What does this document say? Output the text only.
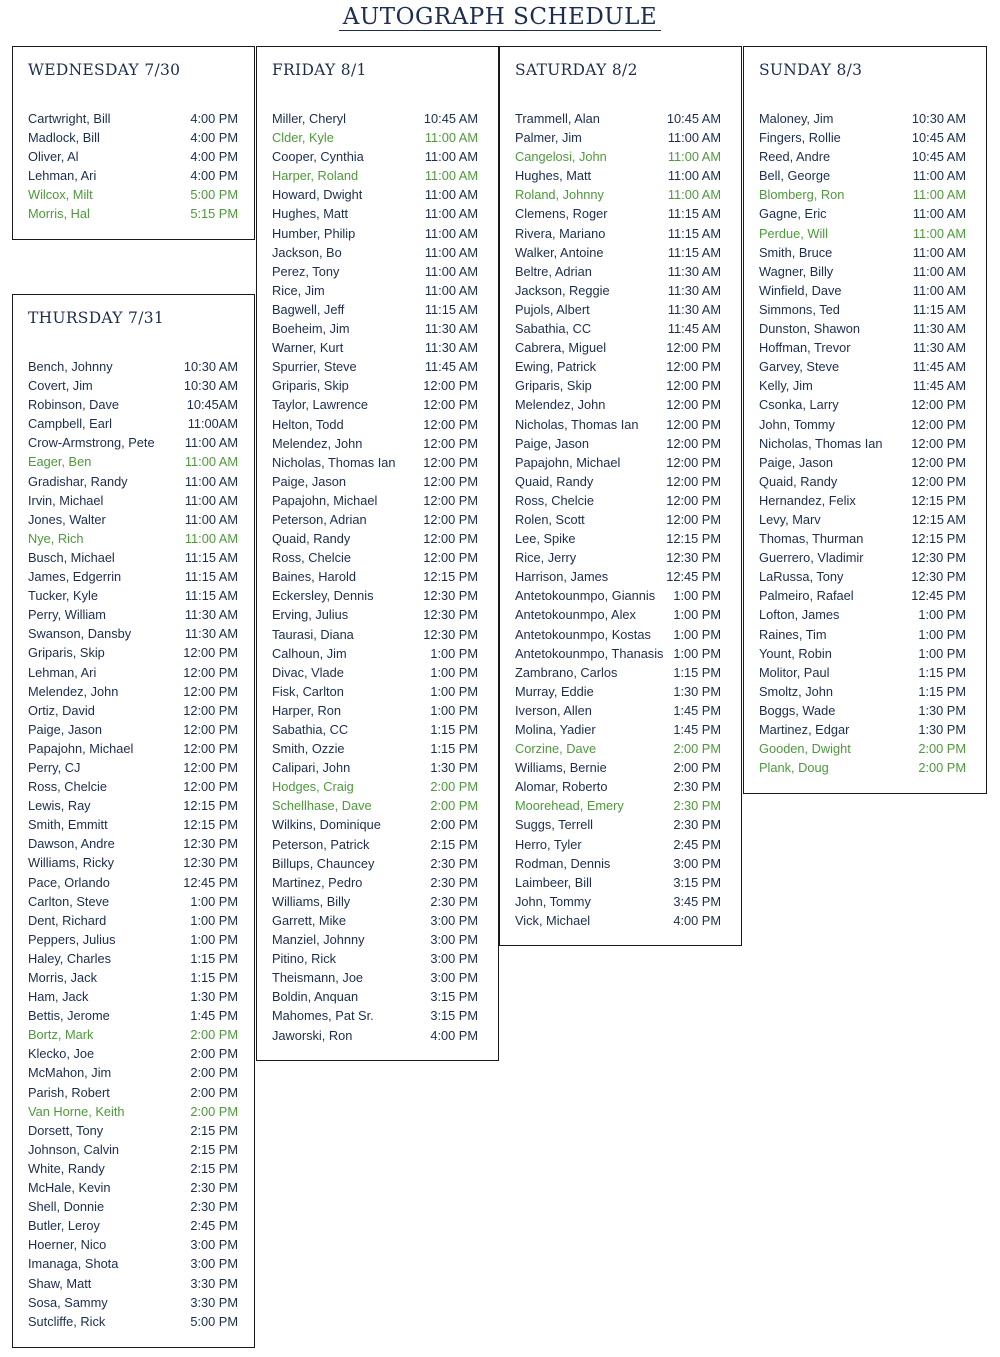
AUTOGRAPH SCHEDULE
WEDNESDAY 7/30
Cartwright, Bill	4:00 PM
Madlock, Bill	4:00 PM
Oliver, Al	4:00 PM
Lehman, Ari	4:00 PM
Wilcox, Milt	5:00 PM
Morris, Hal	5:15 PM
THURSDAY 7/31
Bench, Johnny	10:30 AM
Covert, Jim	10:30 AM
Robinson, Dave	10:45AM
Campbell, Earl	11:00AM
Crow-Armstrong, Pete 11:00 AM
Eager, Ben	11:00 AM
Gradishar, Randy	11:00 AM
Irvin, Michael	11:00 AM
Jones, Walter	11:00 AM
Nye, Rich	11:00 AM
Busch, Michael	11:15 AM
James, Edgerrin	11:15 AM
Tucker, Kyle	11:15 AM
Perry, William	11:30 AM
Swanson, Dansby	11:30 AM
Griparis, Skip	12:00 PM
Lehman, Ari	12:00 PM
Melendez, John	12:00 PM
Ortiz, David	12:00 PM
Paige, Jason	12:00 PM
Papajohn, Michael	12:00 PM
Perry, CJ	12:00 PM
Ross, Chelcie	12:00 PM
Lewis, Ray	12:15 PM
Smith, Emmitt	12:15 PM
Dawson, Andre	12:30 PM
Williams, Ricky	12:30 PM
Pace, Orlando	12:45 PM
Carlton, Steve	1:00 PM
Dent, Richard	1:00 PM
Peppers, Julius	1:00 PM
Haley, Charles	1:15 PM
Morris, Jack	1:15 PM
Ham, Jack	1:30 PM
Bettis, Jerome	1:45 PM
Bortz, Mark	2:00 PM
Klecko, Joe	2:00 PM
McMahon, Jim	2:00 PM
Parish, Robert	2:00 PM
Van Horne, Keith	2:00 PM
Dorsett, Tony	2:15 PM
Johnson, Calvin	2:15 PM
White, Randy	2:15 PM
McHale, Kevin	2:30 PM
Shell, Donnie	2:30 PM
Butler, Leroy	2:45 PM
Hoerner, Nico	3:00 PM
Imanaga, Shota	3:00 PM
Shaw, Matt	3:30 PM
Sosa, Sammy	3:30 PM
Sutcliffe, Rick	5:00 PM
FRIDAY 8/1
Miller, Cheryl	10:45 AM
Clder, Kyle	11:00 AM
Cooper, Cynthia	11:00 AM
Harper, Roland	11:00 AM
Howard, Dwight	11:00 AM
Hughes, Matt	11:00 AM
Humber, Philip	11:00 AM
Jackson, Bo	11:00 AM
Perez, Tony	11:00 AM
Rice, Jim	11:00 AM
Bagwell, Jeff	11:15 AM
Boeheim, Jim	11:30 AM
Warner, Kurt	11:30 AM
Spurrier, Steve	11:45 AM
Griparis, Skip	12:00 PM
Taylor, Lawrence	12:00 PM
Helton, Todd	12:00 PM
Melendez, John	12:00 PM
Nicholas, Thomas Ian 12:00 PM
Paige, Jason	12:00 PM
Papajohn, Michael	12:00 PM
Peterson, Adrian	12:00 PM
Quaid, Randy	12:00 PM
Ross, Chelcie	12:00 PM
Baines, Harold	12:15 PM
Eckersley, Dennis	12:30 PM
Erving, Julius	12:30 PM
Taurasi, Diana	12:30 PM
Calhoun, Jim	1:00 PM
Divac, Vlade	1:00 PM
Fisk, Carlton	1:00 PM
Harper, Ron	1:00 PM
Sabathia, CC	1:15 PM
Smith, Ozzie	1:15 PM
Calipari, John	1:30 PM
Hodges, Craig	2:00 PM
Schellhase, Dave	2:00 PM
Wilkins, Dominique	2:00 PM
Peterson, Patrick	2:15 PM
Billups, Chauncey	2:30 PM
Martinez, Pedro	2:30 PM
Williams, Billy	2:30 PM
Garrett, Mike	3:00 PM
Manziel, Johnny	3:00 PM
Pitino, Rick	3:00 PM
Theismann, Joe	3:00 PM
Boldin, Anquan	3:15 PM
Mahomes, Pat Sr.	3:15 PM
Jaworski, Ron	4:00 PM
SATURDAY 8/2
Trammell, Alan	10:45 AM
Palmer, Jim	11:00 AM
Cangelosi, John	11:00 AM
Hughes, Matt	11:00 AM
Roland, Johnny	11:00 AM
Clemens, Roger	11:15 AM
Rivera, Mariano	11:15 AM
Walker, Antoine	11:15 AM
Beltre, Adrian	11:30 AM
Jackson, Reggie	11:30 AM
Pujols, Albert	11:30 AM
Sabathia, CC	11:45 AM
Cabrera, Miguel	12:00 PM
Ewing, Patrick	12:00 PM
Griparis, Skip	12:00 PM
Melendez, John	12:00 PM
Nicholas, Thomas Ian 12:00 PM
Paige, Jason	12:00 PM
Papajohn, Michael	12:00 PM
Quaid, Randy	12:00 PM
Ross, Chelcie	12:00 PM
Rolen, Scott	12:00 PM
Lee, Spike	12:15 PM
Rice, Jerry	12:30 PM
Harrison, James	12:45 PM
Antetokounmpo, Giannis 1:00 PM
Antetokounmpo, Alex	1:00 PM
Antetokounmpo, Kostas 1:00 PM
Antetokounmpo, Thanasis 1:00 PM
Zambrano, Carlos	1:15 PM
Murray, Eddie	1:30 PM
Iverson, Allen	1:45 PM
Molina, Yadier	1:45 PM
Corzine, Dave	2:00 PM
Williams, Bernie	2:00 PM
Alomar, Roberto	2:30 PM
Moorehead, Emery	2:30 PM
Suggs, Terrell	2:30 PM
Herro, Tyler	2:45 PM
Rodman, Dennis	3:00 PM
Laimbeer, Bill	3:15 PM
John, Tommy	3:45 PM
Vick, Michael	4:00 PM
SUNDAY 8/3
Maloney, Jim	10:30 AM
Fingers, Rollie	10:45 AM
Reed, Andre	10:45 AM
Bell, George	11:00 AM
Blomberg, Ron	11:00 AM
Gagne, Eric	11:00 AM
Perdue, Will	11:00 AM
Smith, Bruce	11:00 AM
Wagner, Billy	11:00 AM
Winfield, Dave	11:00 AM
Simmons, Ted	11:15 AM
Dunston, Shawon	11:30 AM
Hoffman, Trevor	11:30 AM
Garvey, Steve	11:45 AM
Kelly, Jim	11:45 AM
Csonka, Larry	12:00 PM
John, Tommy	12:00 PM
Nicholas, Thomas Ian 12:00 PM
Paige, Jason	12:00 PM
Quaid, Randy	12:00 PM
Hernandez, Felix	12:15 PM
Levy, Marv	12:15 AM
Thomas, Thurman	12:15 PM
Guerrero, Vladimir	12:30 PM
LaRussa, Tony	12:30 PM
Palmeiro, Rafael	12:45 PM
Lofton, James	1:00 PM
Raines, Tim	1:00 PM
Yount, Robin	1:00 PM
Molitor, Paul	1:15 PM
Smoltz, John	1:15 PM
Boggs, Wade	1:30 PM
Martinez, Edgar	1:30 PM
Gooden, Dwight	2:00 PM
Plank, Doug	2:00 PM
